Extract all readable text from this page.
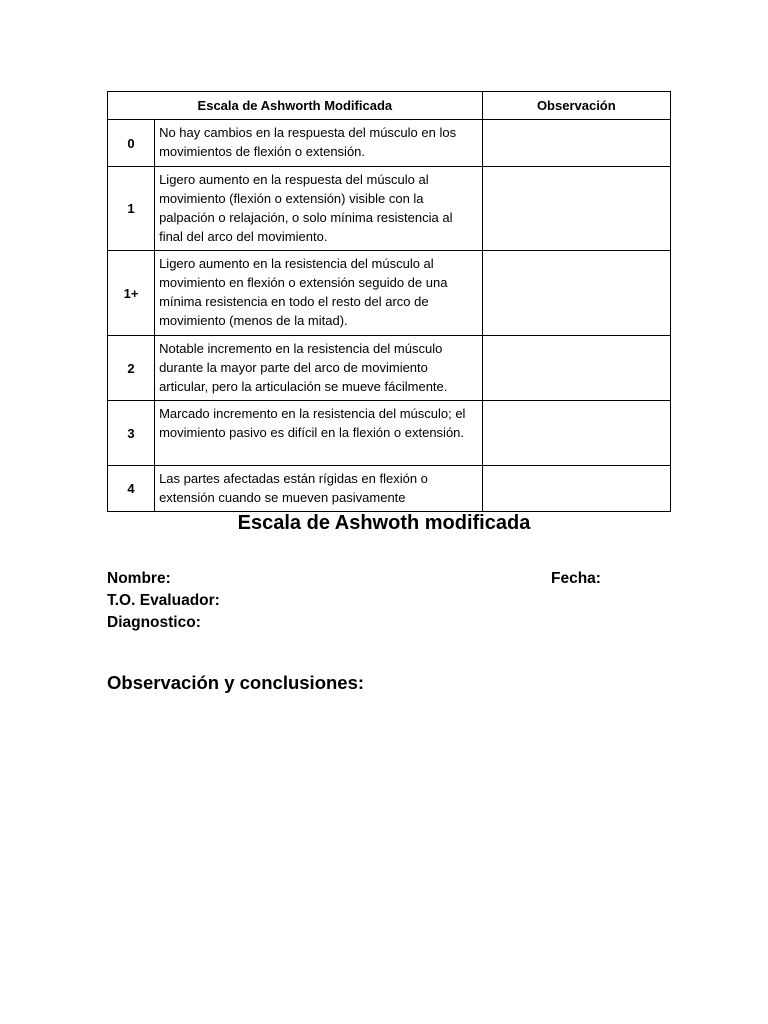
Escala de Ashworth Modificada		Observación
0	No hay cambios en la respuesta del músculo en los movimientos de flexión o extensión.	
1	Ligero aumento en la respuesta del músculo al movimiento (flexión o extensión) visible con la palpación o relajación, o solo mínima resistencia al final del arco del movimiento.	
1+	Ligero aumento en la resistencia del músculo al movimiento en flexión o extensión seguido de una mínima resistencia en todo el resto del arco de movimiento (menos de la mitad).	
2	Notable incremento en la resistencia del músculo durante la mayor parte del arco de movimiento articular, pero la articulación se mueve fácilmente.	
3	Marcado incremento en la resistencia del músculo; el movimiento pasivo es difícil en la flexión o extensión.	
4	Las partes afectadas están rígidas en flexión o extensión cuando se mueven pasivamente	
Escala de Ashwoth modificada
Nombre:	Fecha:
T.O. Evaluador:
Diagnostico:
Observación y conclusiones:
